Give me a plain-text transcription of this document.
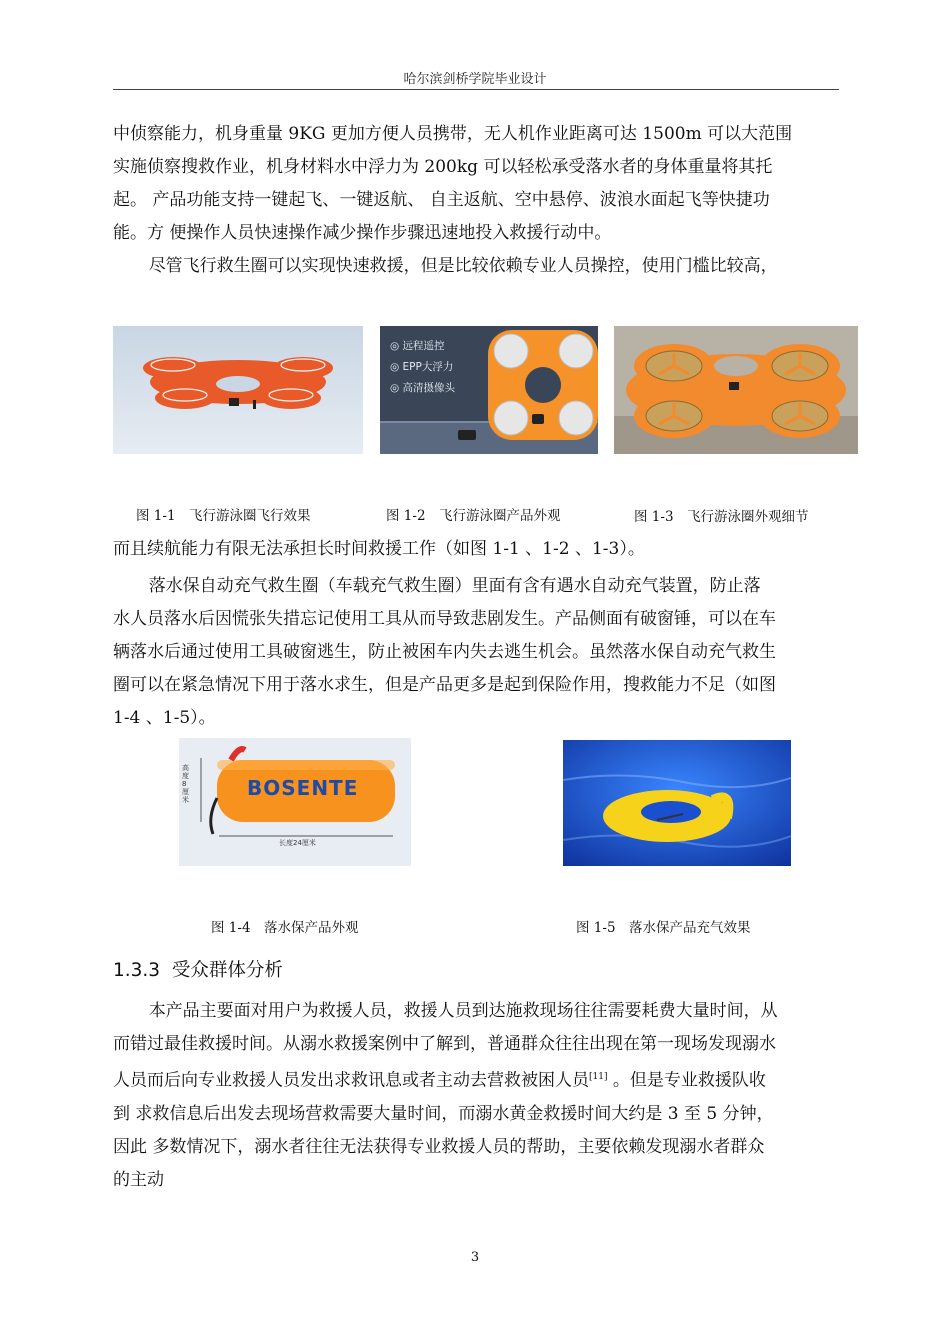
哈尔滨剑桥学院毕业设计

中侦察能力，机身重量 9KG 更加方便人员携带，无人机作业距离可达 1500m 可以大范围

实施侦察搜救作业，机身材料水中浮力为 200kg 可以轻松承受落水者的身体重量将其托

起。 产品功能支持一键起飞、一键返航、 自主返航、空中悬停、波浪水面起飞等快捷功

能。方 便操作人员快速操作减少操作步骤迅速地投入救援行动中。

尽管飞行救生圈可以实现快速救援，但是比较依赖专业人员操控，使用门槛比较高，

◎ 远程遥控
◎ EPP大浮力
◎ 高清摄像头
图 1-1　飞行游泳圈飞行效果	图 1-2　飞行游泳圈产品外观	图 1-3　飞行游泳圈外观细节

而且续航能力有限无法承担长时间救援工作（如图 1-1 、1-2 、1-3）。

落水保自动充气救生圈（车载充气救生圈）里面有含有遇水自动充气装置，防止落

水人员落水后因慌张失措忘记使用工具从而导致悲剧发生。产品侧面有破窗锤，可以在车

辆落水后通过使用工具破窗逃生，防止被困车内失去逃生机会。虽然落水保自动充气救生

圈可以在紧急情况下用于落水求生，但是产品更多是起到保险作用，搜救能力不足（如图

1-4 、1-5）。

BOSENTE
高度8厘米
长度24厘米
图 1-4　落水保产品外观	图 1-5　落水保产品充气效果
1.3.3 受众群体分析

本产品主要面对用户为救援人员，救援人员到达施救现场往往需要耗费大量时间，从

而错过最佳救援时间。从溺水救援案例中了解到，普通群众往往出现在第一现场发现溺水

人员而后向专业救援人员发出求救讯息或者主动去营救被困人员[11] 。但是专业救援队收

到 求救信息后出发去现场营救需要大量时间，而溺水黄金救援时间大约是 3 至 5 分钟，

因此 多数情况下，溺水者往往无法获得专业救援人员的帮助，主要依赖发现溺水者群众

的主动

3
